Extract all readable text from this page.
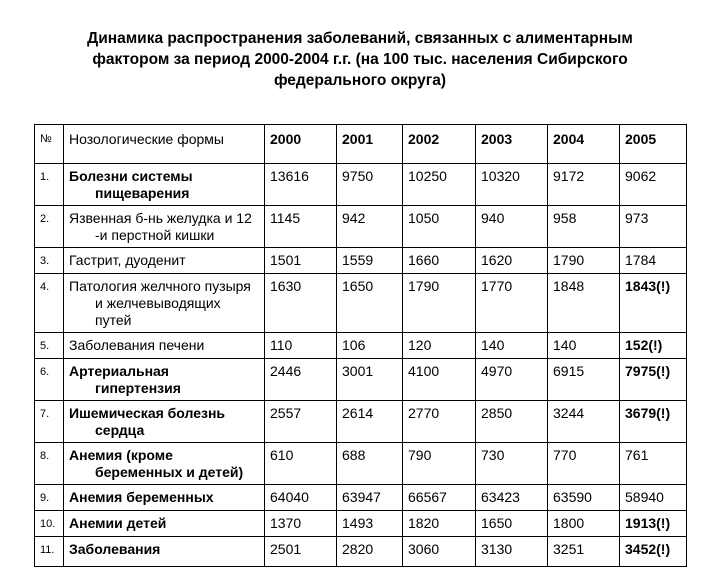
Динамика распространения заболеваний, связанных с алиментарным
фактором за период 2000-2004 г.г. (на 100 тыс. населения Сибирского
федерального округа)
№	Нозологические формы	2000	2001	2002	2003	2004	2005
1.	Болезни системы
пищеварения	13616	9750	10250	10320	9172	9062
2.	Язвенная б-нь желудка и 12
-и перстной кишки	1145	942	1050	940	958	973
3.	Гастрит, дуоденит	1501	1559	1660	1620	1790	1784
4.	Патология желчного пузыря
и желчевыводящих
путей	1630	1650	1790	1770	1848	1843(!)
5.	Заболевания печени	110	106	120	140	140	152(!)
6.	Артериальная
гипертензия	2446	3001	4100	4970	6915	7975(!)
7.	Ишемическая болезнь
сердца	2557	2614	2770	2850	3244	3679(!)
8.	Анемия (кроме
беременных и детей)	610	688	790	730	770	761
9.	Анемия беременных	64040	63947	66567	63423	63590	58940
10.	Анемии детей	1370	1493	1820	1650	1800	1913(!)
11.	Заболевания	2501	2820	3060	3130	3251	3452(!)
